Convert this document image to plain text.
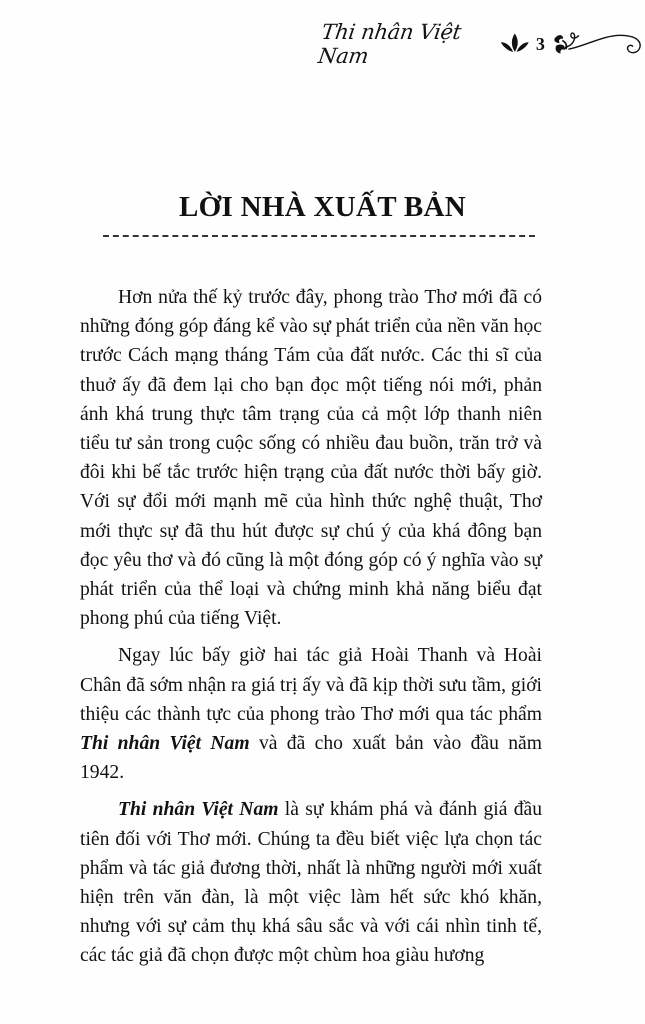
Thi nhân Việt Nam
3
LỜI NHÀ XUẤT BẢN

Hơn nửa thế kỷ trước đây, phong trào Thơ mới đã có những đóng góp đáng kể vào sự phát triển của nền văn học trước Cách mạng tháng Tám của đất nước. Các thi sĩ của thuở ấy đã đem lại cho bạn đọc một tiếng nói mới, phản ánh khá trung thực tâm trạng của cả một lớp thanh niên tiểu tư sản trong cuộc sống có nhiều đau buồn, trăn trở và đôi khi bế tắc trước hiện trạng của đất nước thời bấy giờ. Với sự đổi mới mạnh mẽ của hình thức nghệ thuật, Thơ mới thực sự đã thu hút được sự chú ý của khá đông bạn đọc yêu thơ và đó cũng là một đóng góp có ý nghĩa vào sự phát triển của thể loại và chứng minh khả năng biểu đạt phong phú của tiếng Việt.

Ngay lúc bấy giờ hai tác giả Hoài Thanh và Hoài Chân đã sớm nhận ra giá trị ấy và đã kịp thời sưu tầm, giới thiệu các thành tực của phong trào Thơ mới qua tác phẩm Thi nhân Việt Nam và đã cho xuất bản vào đầu năm 1942.

Thi nhân Việt Nam là sự khám phá và đánh giá đầu tiên đối với Thơ mới. Chúng ta đều biết việc lựa chọn tác phẩm và tác giả đương thời, nhất là những người mới xuất hiện trên văn đàn, là một việc làm hết sức khó khăn, nhưng với sự cảm thụ khá sâu sắc và với cái nhìn tinh tế, các tác giả đã chọn được một chùm hoa giàu hương
